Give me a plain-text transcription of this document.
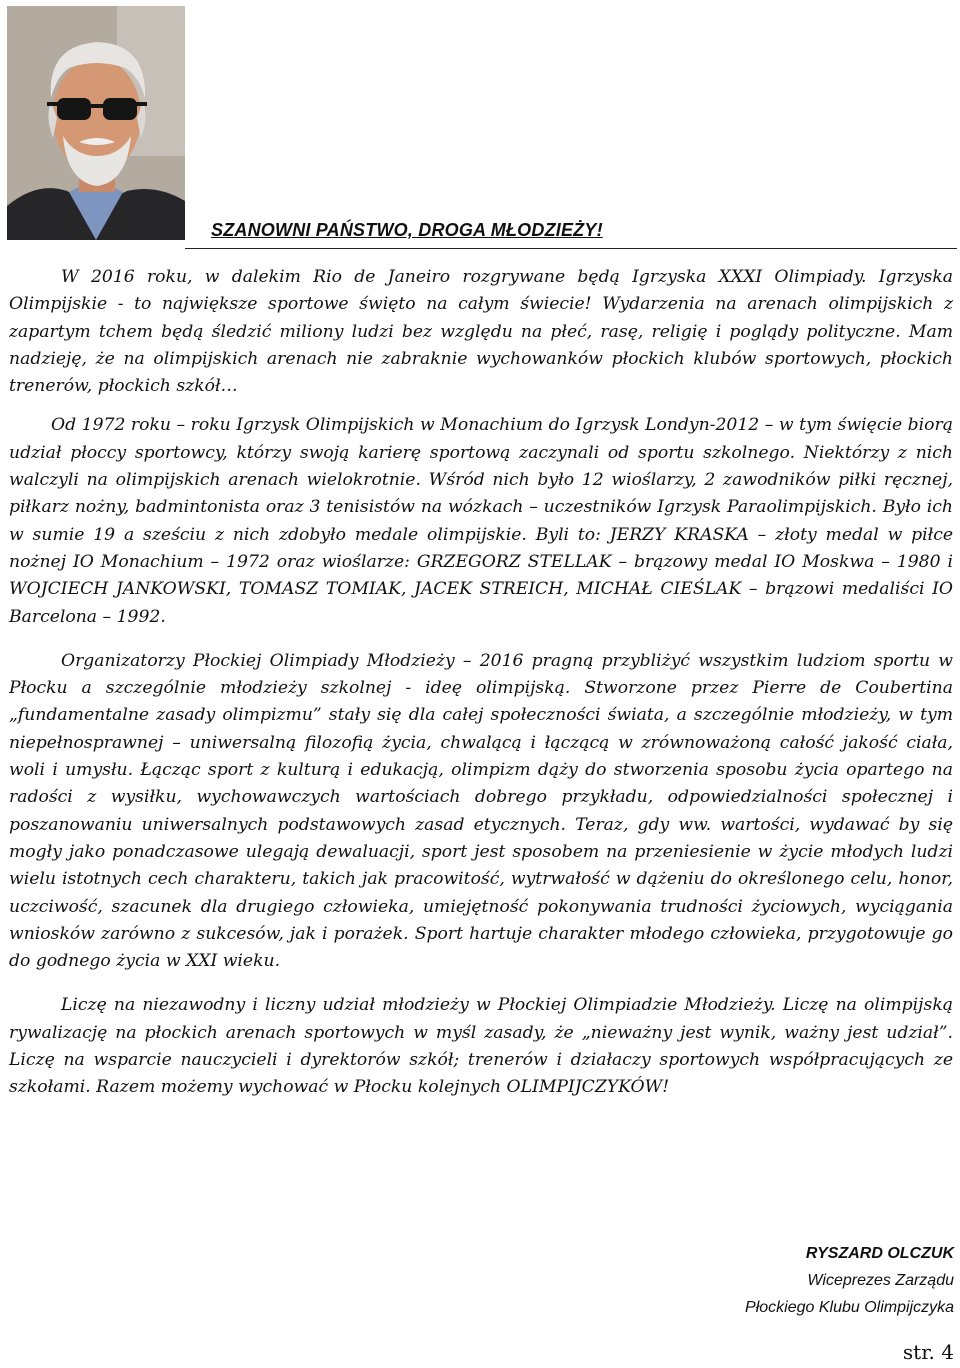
SZANOWNI PAŃSTWO, DROGA MŁODZIEŻY!

W 2016 roku, w dalekim Rio de Janeiro rozgrywane będą Igrzyska XXXI Olimpiady. Igrzyska Olimpijskie - to największe sportowe święto na całym świecie! Wydarzenia na arenach olimpijskich z zapartym tchem będą śledzić miliony ludzi bez względu na płeć, rasę, religię i poglądy polityczne. Mam nadzieję, że na olimpijskich arenach nie zabraknie wychowanków płockich klubów sportowych, płockich trenerów, płockich szkół…

Od 1972 roku – roku Igrzysk Olimpijskich w Monachium do Igrzysk Londyn-2012 – w tym święcie biorą udział płoccy sportowcy, którzy swoją karierę sportową zaczynali od sportu szkolnego. Niektórzy z nich walczyli na olimpijskich arenach wielokrotnie. Wśród nich było 12 wioślarzy, 2 zawodników piłki ręcznej, piłkarz nożny, badmintonista oraz 3 tenisistów na wózkach – uczestników Igrzysk Paraolimpijskich. Było ich w sumie 19 a sześciu z nich zdobyło medale olimpijskie. Byli to: JERZY KRASKA – złoty medal w piłce nożnej IO Monachium – 1972 oraz wioślarze: GRZEGORZ STELLAK – brązowy medal IO Moskwa – 1980 i WOJCIECH JANKOWSKI, TOMASZ TOMIAK, JACEK STREICH, MICHAŁ CIEŚLAK – brązowi medaliści IO Barcelona – 1992.

Organizatorzy Płockiej Olimpiady Młodzieży – 2016 pragną przybliżyć wszystkim ludziom sportu w Płocku a szczególnie młodzieży szkolnej - ideę olimpijską. Stworzone przez Pierre de Coubertina „fundamentalne zasady olimpizmu” stały się dla całej społeczności świata, a szczególnie młodzieży, w tym niepełnosprawnej – uniwersalną filozofią życia, chwalącą i łączącą w zrównoważoną całość jakość ciała, woli i umysłu. Łącząc sport z kulturą i edukacją, olimpizm dąży do stworzenia sposobu życia opartego na radości z wysiłku, wychowawczych wartościach dobrego przykładu, odpowiedzialności społecznej i poszanowaniu uniwersalnych podstawowych zasad etycznych. Teraz, gdy ww. wartości, wydawać by się mogły jako ponadczasowe ulegają dewaluacji, sport jest sposobem na przeniesienie w życie młodych ludzi wielu istotnych cech charakteru, takich jak pracowitość, wytrwałość w dążeniu do określonego celu, honor, uczciwość, szacunek dla drugiego człowieka, umiejętność pokonywania trudności życiowych, wyciągania wniosków zarówno z sukcesów, jak i porażek. Sport hartuje charakter młodego człowieka, przygotowuje go do godnego życia w XXI wieku.

Liczę na niezawodny i liczny udział młodzieży w Płockiej Olimpiadzie Młodzieży. Liczę na olimpijską rywalizację na płockich arenach sportowych w myśl zasady, że „nieważny jest wynik, ważny jest udział”. Liczę na wsparcie nauczycieli i dyrektorów szkół; trenerów i działaczy sportowych współpracujących ze szkołami. Razem możemy wychować w Płocku kolejnych OLIMPIJCZYKÓW!

RYSZARD OLCZUK
Wiceprezes Zarządu
Płockiego Klubu Olimpijczyka
str. 4
